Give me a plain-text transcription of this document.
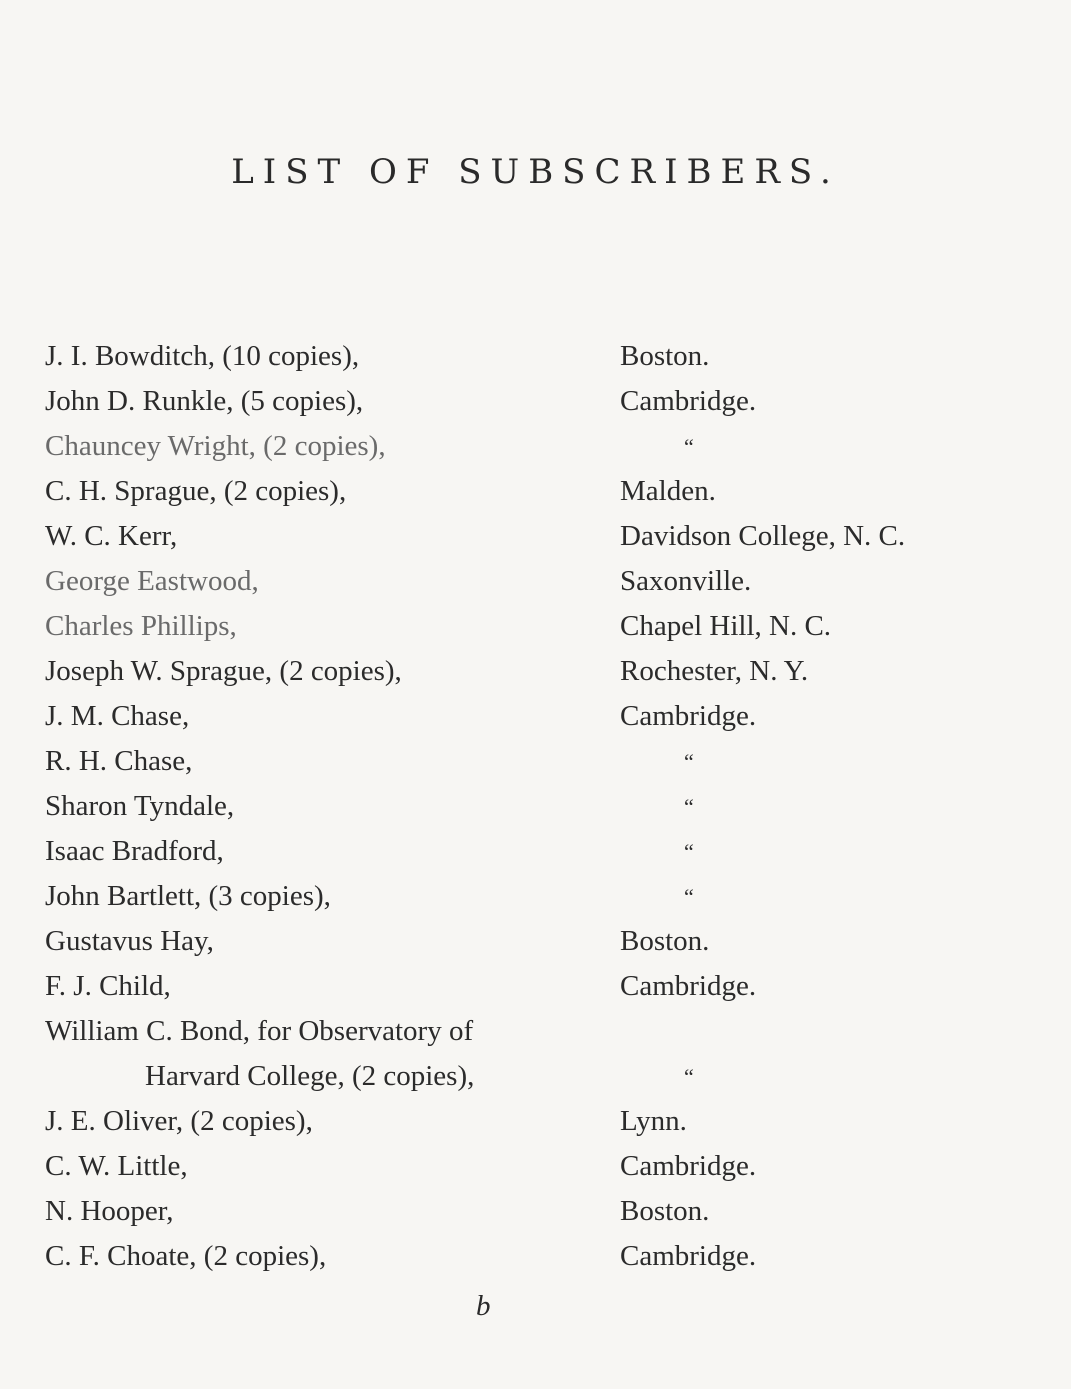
LIST OF SUBSCRIBERS.
J. I. Bowditch, (10 copies),	Boston.
John D. Runkle, (5 copies),	Cambridge.
Chauncey Wright, (2 copies),	“
C. H. Sprague, (2 copies),	Malden.
W. C. Kerr,	Davidson College, N. C.
George Eastwood,	Saxonville.
Charles Phillips,	Chapel Hill, N. C.
Joseph W. Sprague, (2 copies),	Rochester, N. Y.
J. M. Chase,	Cambridge.
R. H. Chase,	“
Sharon Tyndale,	“
Isaac Bradford,	“
John Bartlett, (3 copies),	“
Gustavus Hay,	Boston.
F. J. Child,	Cambridge.
William C. Bond, for Observatory of
Harvard College, (2 copies),	“
J. E. Oliver, (2 copies),	Lynn.
C. W. Little,	Cambridge.
N. Hooper,	Boston.
C. F. Choate, (2 copies),	Cambridge.
b
